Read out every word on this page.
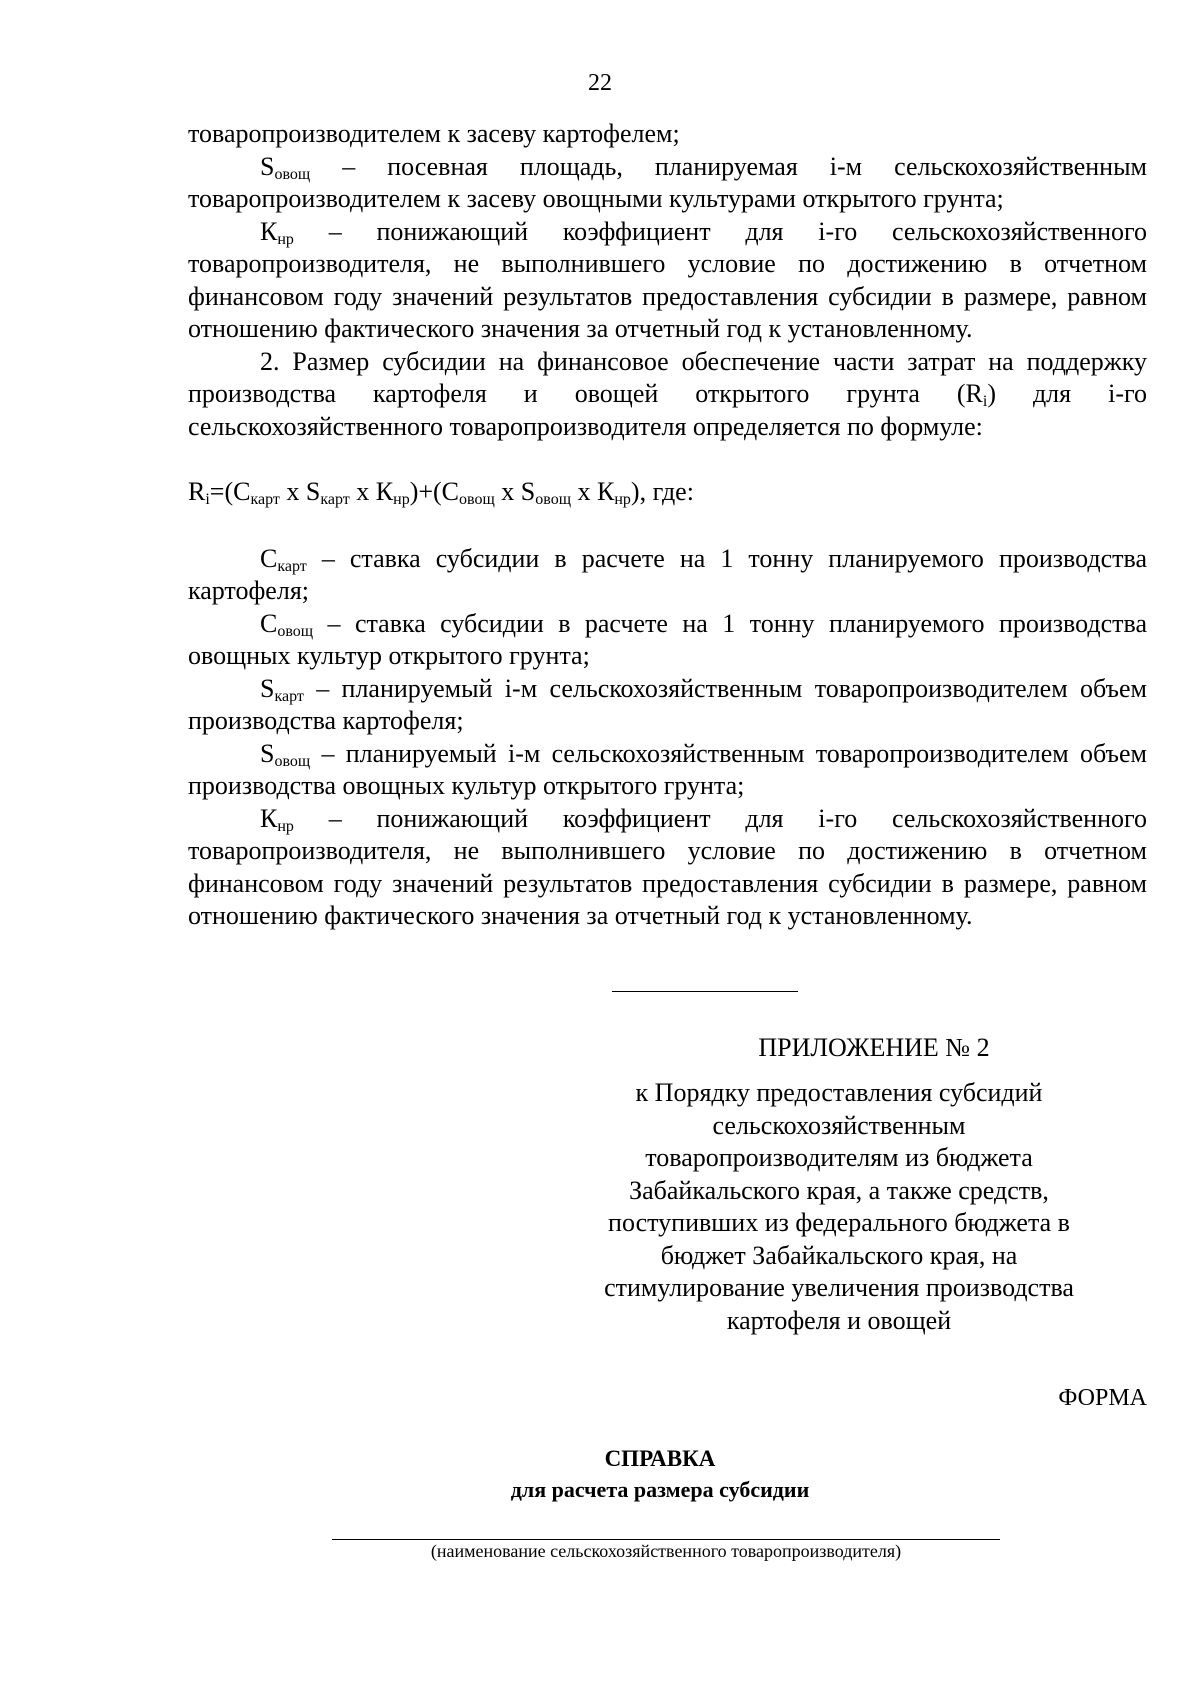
22

товаропроизводителем к засеву картофелем;

$S_{овощ}$ – посевная площадь, планируемая i-м сельскохозяйственным товаропроизводителем к засеву овощными культурами открытого грунта;

$К_{нр}$ – понижающий коэффициент для i-го сельскохозяйственного товаропроизводителя, не выполнившего условие по достижению в отчетном финансовом году значений результатов предоставления субсидии в размере, равном отношению фактического значения за отчетный год к установленному.

2. Размер субсидии на финансовое обеспечение части затрат на поддержку производства картофеля и овощей открытого грунта $(R_i)$ для i-го сельскохозяйственного товаропроизводителя определяется по формуле:

$R_i=(С_{карт}$ х $S_{карт}$ х $К_{нр})+(С_{овощ}$ х $S_{овощ}$ х $К_{нр}$), где:

$С_{карт}$ – ставка субсидии в расчете на 1 тонну планируемого производства картофеля;

$С_{овощ}$ – ставка субсидии в расчете на 1 тонну планируемого производства овощных культур открытого грунта;

$S_{карт}$ – планируемый i-м сельскохозяйственным товаропроизводителем объем производства картофеля;

$S_{овощ}$ – планируемый i-м сельскохозяйственным товаропроизводителем объем производства овощных культур открытого грунта;

$К_{нр}$ – понижающий коэффициент для i-го сельскохозяйственного товаропроизводителя, не выполнившего условие по достижению в отчетном финансовом году значений результатов предоставления субсидии в размере, равном отношению фактического значения за отчетный год к установленному.

ПРИЛОЖЕНИЕ № 2
к Порядку предоставления субсидий
сельскохозяйственным
товаропроизводителям из бюджета
Забайкальского края, а также средств,
поступивших из федерального бюджета в
бюджет Забайкальского края, на
стимулирование увеличения производства
картофеля и овощей
ФОРМА
СПРАВКА
для расчета размера субсидии
(наименование сельскохозяйственного товаропроизводителя)
